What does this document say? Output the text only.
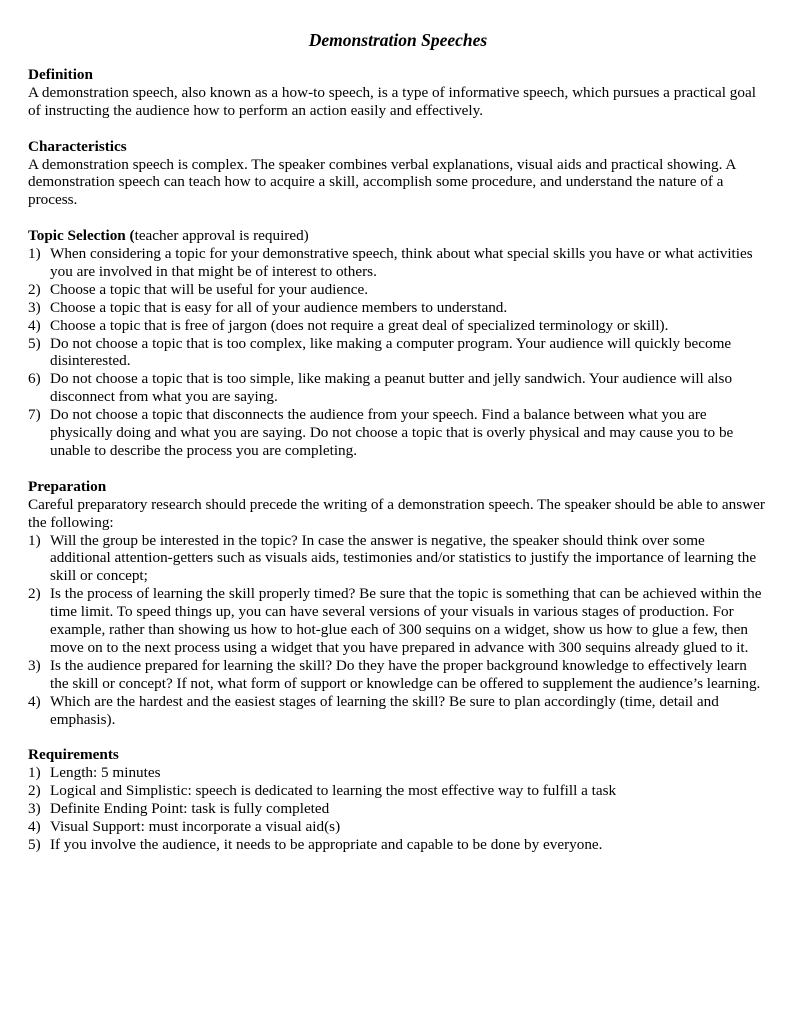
Demonstration Speeches

Definition

A demonstration speech, also known as a how-to speech, is a type of informative speech, which pursues a practical goal of instructing the audience how to perform an action easily and effectively.

Characteristics

A demonstration speech is complex. The speaker combines verbal explanations, visual aids and practical showing. A demonstration speech can teach how to acquire a skill, accomplish some procedure, and understand the nature of a process.

Topic Selection (teacher approval is required)

1) When considering a topic for your demonstrative speech, think about what special skills you have or what activities you are involved in that might be of interest to others.
2) Choose a topic that will be useful for your audience.
3) Choose a topic that is easy for all of your audience members to understand.
4) Choose a topic that is free of jargon (does not require a great deal of specialized terminology or skill).
5) Do not choose a topic that is too complex, like making a computer program. Your audience will quickly become disinterested.
6) Do not choose a topic that is too simple, like making a peanut butter and jelly sandwich. Your audience will also disconnect from what you are saying.
7) Do not choose a topic that disconnects the audience from your speech. Find a balance between what you are physically doing and what you are saying. Do not choose a topic that is overly physical and may cause you to be unable to describe the process you are completing.

Preparation

Careful preparatory research should precede the writing of a demonstration speech. The speaker should be able to answer the following:

1) Will the group be interested in the topic? In case the answer is negative, the speaker should think over some additional attention-getters such as visuals aids, testimonies and/or statistics to justify the importance of learning the skill or concept;
2) Is the process of learning the skill properly timed? Be sure that the topic is something that can be achieved within the time limit. To speed things up, you can have several versions of your visuals in various stages of production. For example, rather than showing us how to hot-glue each of 300 sequins on a widget, show us how to glue a few, then move on to the next process using a widget that you have prepared in advance with 300 sequins already glued to it.
3) Is the audience prepared for learning the skill? Do they have the proper background knowledge to effectively learn the skill or concept? If not, what form of support or knowledge can be offered to supplement the audience’s learning.
4) Which are the hardest and the easiest stages of learning the skill? Be sure to plan accordingly (time, detail and emphasis).

Requirements

1) Length: 5 minutes
2) Logical and Simplistic: speech is dedicated to learning the most effective way to fulfill a task
3) Definite Ending Point: task is fully completed
4) Visual Support: must incorporate a visual aid(s)
5) If you involve the audience, it needs to be appropriate and capable to be done by everyone.
